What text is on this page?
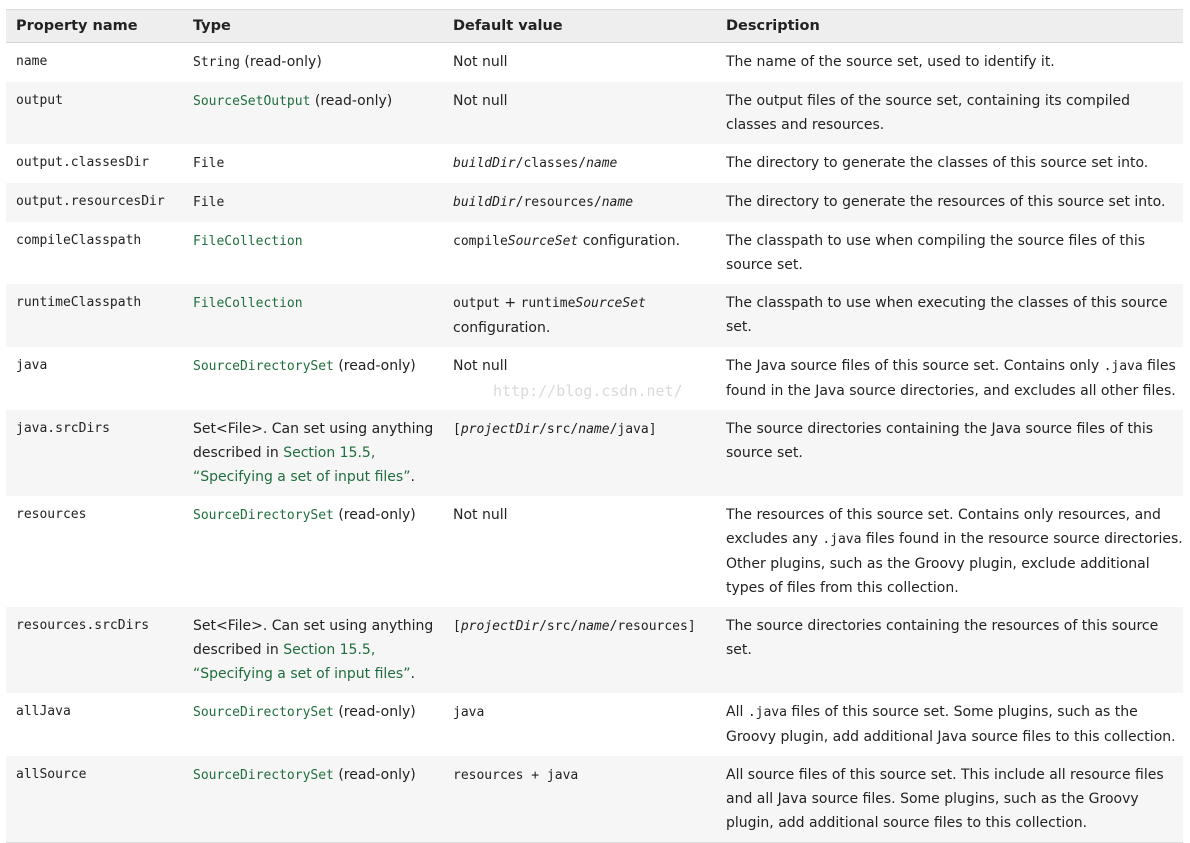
Property name	Type	Default value	Description
name	String (read-only)	Not null	The name of the source set, used to identify it.
output	SourceSetOutput (read-only)	Not null	The output files of the source set, containing its compiled classes and resources.
output.classesDir	File	buildDir/classes/name	The directory to generate the classes of this source set into.
output.resourcesDir	File	buildDir/resources/name	The directory to generate the resources of this source set into.
compileClasspath	FileCollection	compileSourceSet configuration.	The classpath to use when compiling the source files of this source set.
runtimeClasspath	FileCollection	output + runtimeSourceSet configuration.	The classpath to use when executing the classes of this source set.
java	SourceDirectorySet (read-only)	Not null	The Java source files of this source set. Contains only .java files found in the Java source directories, and excludes all other files.
java.srcDirs	Set<File>. Can set using anything described in Section 15.5, “Specifying a set of input files”.	[projectDir/src/name/java]	The source directories containing the Java source files of this source set.
resources	SourceDirectorySet (read-only)	Not null	The resources of this source set. Contains only resources, and excludes any .java files found in the resource source directories. Other plugins, such as the Groovy plugin, exclude additional types of files from this collection.
resources.srcDirs	Set<File>. Can set using anything described in Section 15.5, “Specifying a set of input files”.	[projectDir/src/name/resources]	The source directories containing the resources of this source set.
allJava	SourceDirectorySet (read-only)	java	All .java files of this source set. Some plugins, such as the Groovy plugin, add additional Java source files to this collection.
allSource	SourceDirectorySet (read-only)	resources + java	All source files of this source set. This include all resource files and all Java source files. Some plugins, such as the Groovy plugin, add additional source files to this collection.
http://blog.csdn.net/
